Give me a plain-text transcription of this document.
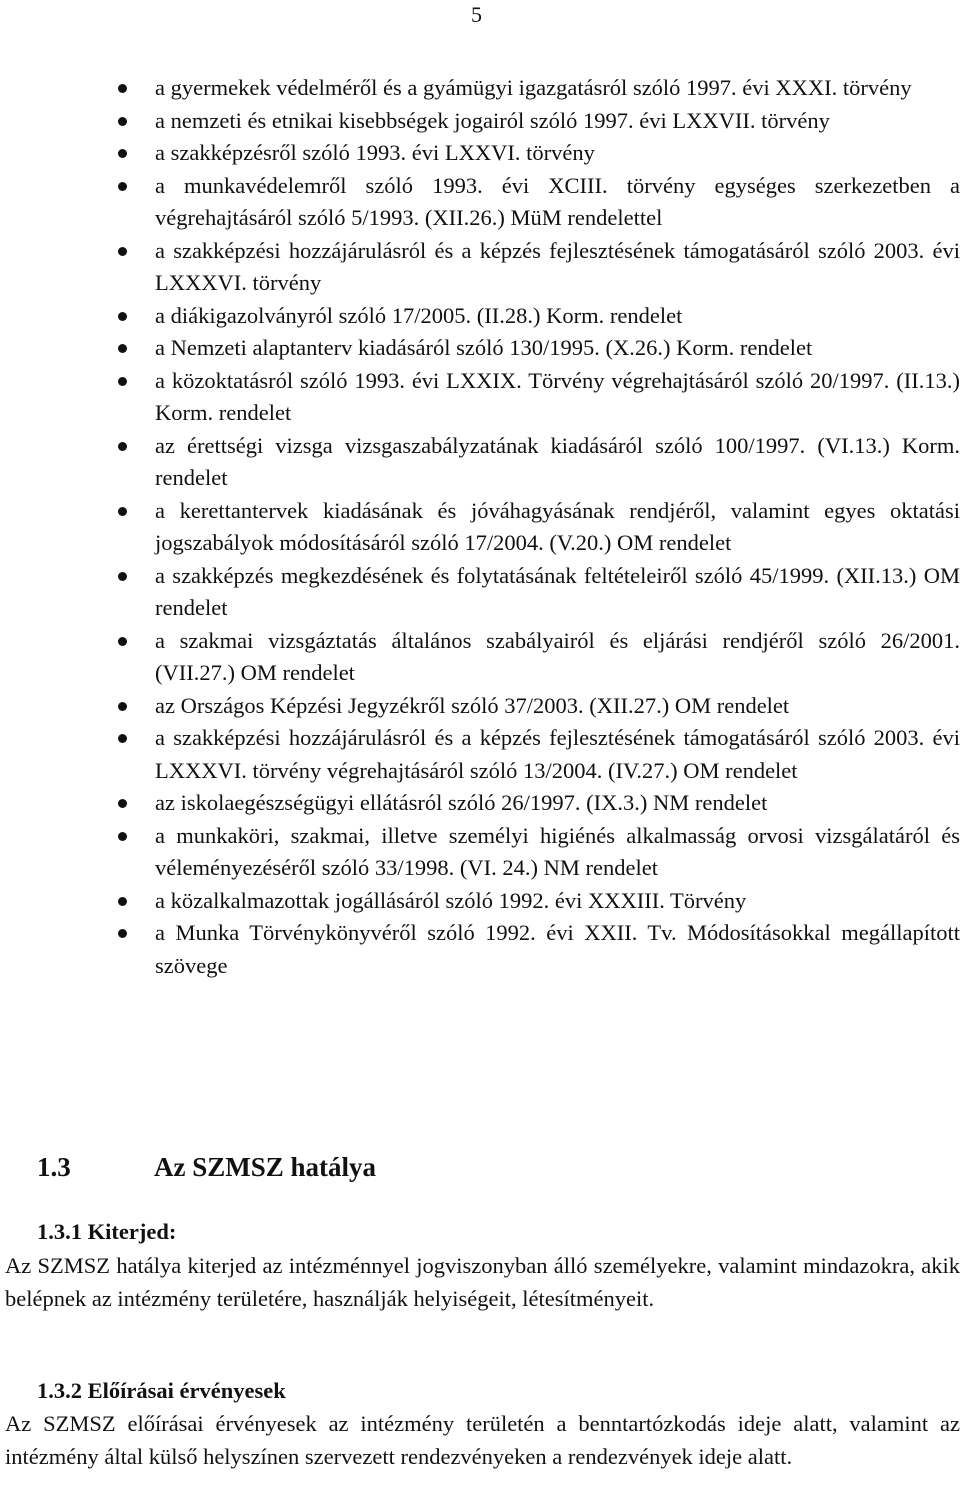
5
a gyermekek védelméről és a gyámügyi igazgatásról szóló 1997. évi XXXI. törvény
a nemzeti és etnikai kisebbségek jogairól szóló 1997. évi LXXVII. törvény
a szakképzésről szóló 1993. évi LXXVI. törvény
a munkavédelemről szóló 1993. évi XCIII. törvény egységes szerkezetben a végrehajtásáról szóló 5/1993. (XII.26.) MüM rendelettel
a szakképzési hozzájárulásról és a képzés fejlesztésének támogatásáról szóló 2003. évi LXXXVI. törvény
a diákigazolványról szóló 17/2005. (II.28.) Korm. rendelet
a Nemzeti alaptanterv kiadásáról szóló 130/1995. (X.26.) Korm. rendelet
a közoktatásról szóló 1993. évi LXXIX. Törvény végrehajtásáról szóló 20/1997. (II.13.) Korm. rendelet
az érettségi vizsga vizsgaszabályzatának kiadásáról szóló 100/1997. (VI.13.) Korm. rendelet
a kerettantervek kiadásának és jóváhagyásának rendjéről, valamint egyes oktatási jogszabályok módosításáról szóló 17/2004. (V.20.) OM rendelet
a szakképzés megkezdésének és folytatásának feltételeiről szóló 45/1999. (XII.13.) OM rendelet
a szakmai vizsgáztatás általános szabályairól és eljárási rendjéről szóló 26/2001. (VII.27.) OM rendelet
az Országos Képzési Jegyzékről szóló 37/2003. (XII.27.) OM rendelet
a szakképzési hozzájárulásról és a képzés fejlesztésének támogatásáról szóló 2003. évi LXXXVI. törvény végrehajtásáról szóló 13/2004. (IV.27.) OM rendelet
az iskolaegészségügyi ellátásról szóló 26/1997. (IX.3.) NM rendelet
a munkaköri, szakmai, illetve személyi higiénés alkalmasság orvosi vizsgálatáról és véleményezéséről szóló 33/1998. (VI. 24.) NM rendelet
a közalkalmazottak jogállásáról szóló 1992. évi XXXIII. Törvény
a Munka Törvénykönyvéről szóló 1992. évi XXII. Tv. Módosításokkal megállapított szövege
1.3	Az SZMSZ hatálya
1.3.1 Kiterjed:

Az SZMSZ hatálya kiterjed az intézménnyel jogviszonyban álló személyekre, valamint mindazokra, akik belépnek az intézmény területére, használják helyiségeit, létesítményeit.

1.3.2 Előírásai érvényesek

Az SZMSZ előírásai érvényesek az intézmény területén a benntartózkodás ideje alatt, valamint az intézmény által külső helyszínen szervezett rendezvényeken a rendezvények ideje alatt.
